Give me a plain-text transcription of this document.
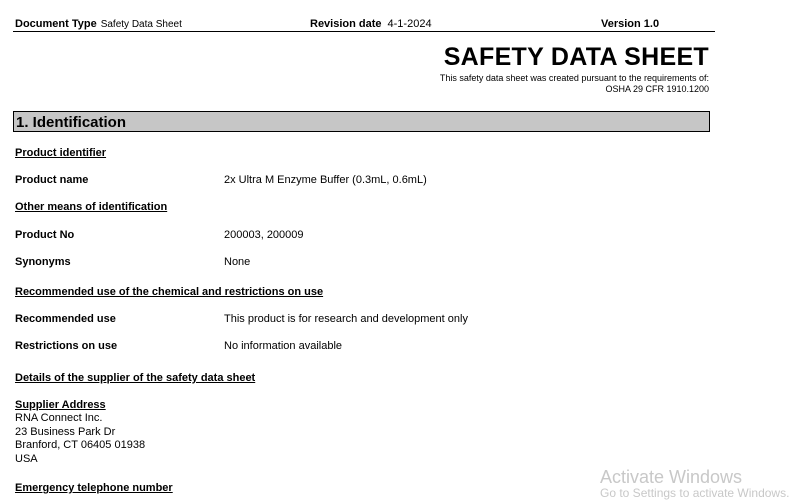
Document Type Safety Data Sheet	Revision date 4-1-2024	Version 1.0
SAFETY DATA SHEET
This safety data sheet was created pursuant to the requirements of:
OSHA 29 CFR 1910.1200
1. Identification
Product identifier
Product name	2x Ultra M Enzyme Buffer (0.3mL, 0.6mL)
Other means of identification
Product No	200003, 200009
Synonyms	None
Recommended use of the chemical and restrictions on use
Recommended use	This product is for research and development only
Restrictions on use	No information available
Details of the supplier of the safety data sheet
Supplier Address
RNA Connect Inc.
23 Business Park Dr
Branford, CT 06405 01938
USA
Emergency telephone number
Activate Windows
Go to Settings to activate Windows.
